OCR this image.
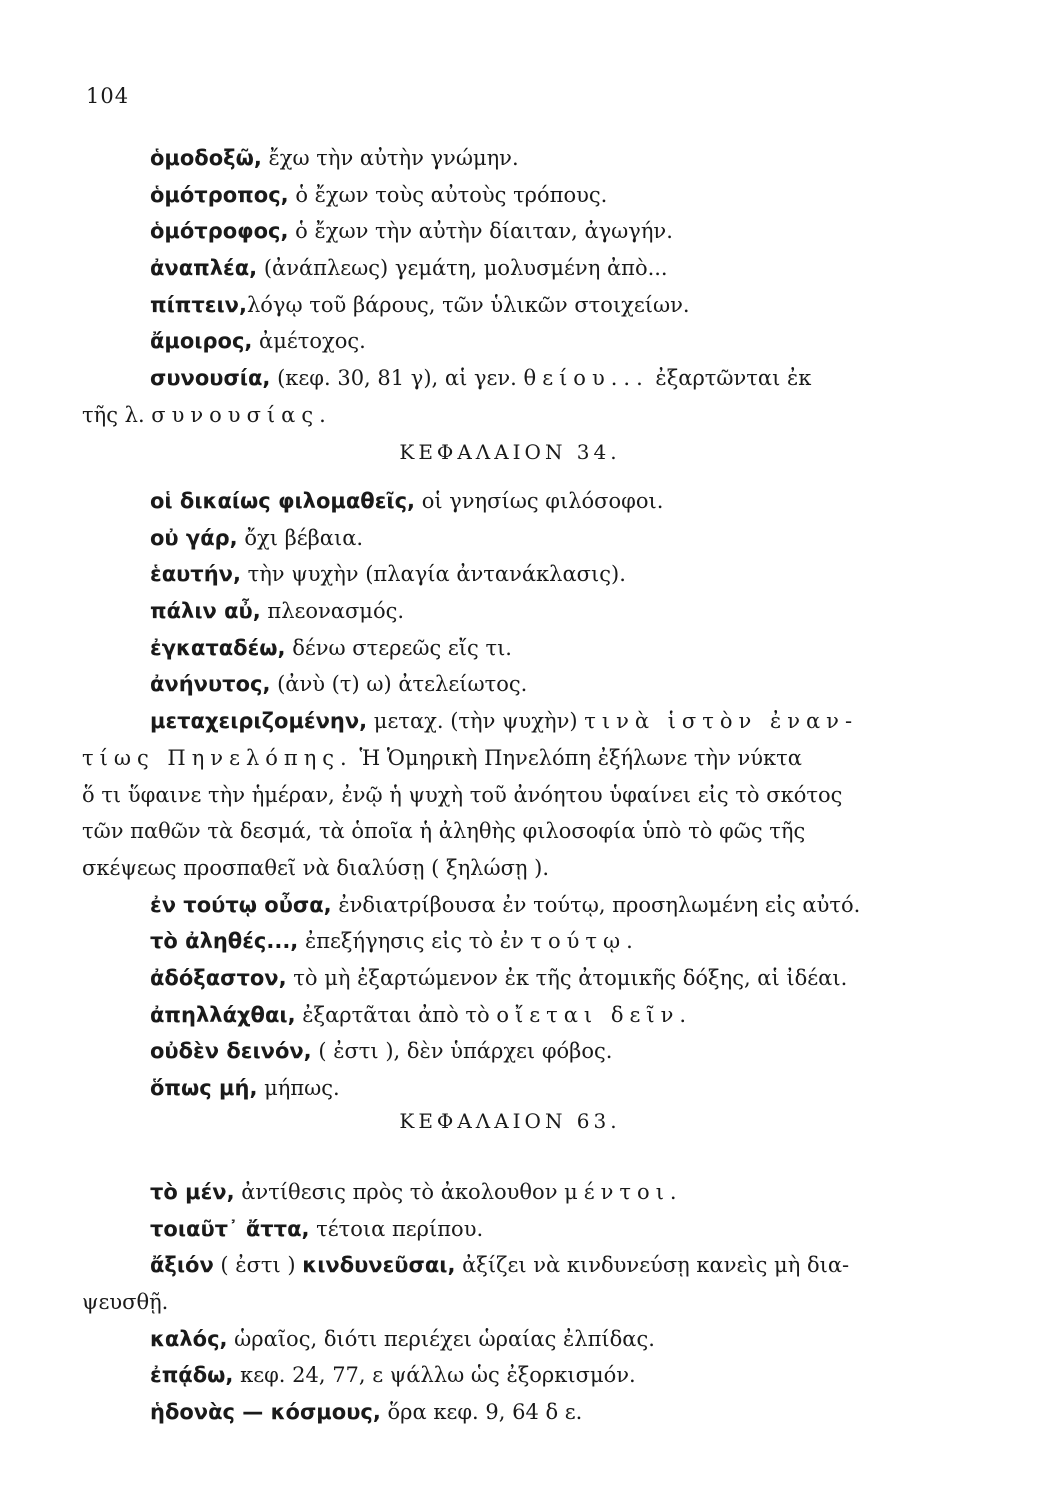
104
ὁμοδοξῶ, ἔχω τὴν αὐτὴν γνώμην.
ὁμότροπος, ὁ ἔχων τοὺς αὐτοὺς τρόπους.
ὁμότροφος, ὁ ἔχων τὴν αὐτὴν δίαιταν, ἀγωγήν.
ἀναπλέα, (ἀνάπλεως) γεμάτη, μολυσμένη ἀπὸ...
πίπτειν,λόγῳ τοῦ βάρους, τῶν ὑλικῶν στοιχείων.
ἄμοιρος, ἀμέτοχος.
συνουσία, (κεφ. 30, 81 γ), αἱ γεν. θείου... ἐξαρτῶνται ἐκ
τῆς λ. συνουσίας.
ΚΕΦΑΛΑΙΟΝ 34.
οἱ δικαίως φιλομαθεῖς, οἱ γνησίως φιλόσοφοι.
οὐ γάρ, ὄχι βέβαια.
ἑαυτήν, τὴν ψυχὴν (πλαγία ἀντανάκλασις).
πάλιν αὖ, πλεονασμός.
ἐγκαταδέω, δένω στερεῶς εἴς τι.
ἀνήνυτος, (ἀνὺ (τ) ω) ἀτελείωτος.
μεταχειριζομένην, μεταχ. (τὴν ψυχὴν) τινὰ ἱστὸν ἐναν-
τίως Πηνελόπης. Ἡ Ὁμηρικὴ Πηνελόπη ἐξήλωνε τὴν νύκτα
ὅ τι ὕφαινε τὴν ἡμέραν, ἐνῷ ἡ ψυχὴ τοῦ ἀνόητου ὑφαίνει εἰς τὸ σκότος
τῶν παθῶν τὰ δεσμά, τὰ ὁποῖα ἡ ἀληθὴς φιλοσοφία ὑπὸ τὸ φῶς τῆς
σκέψεως προσπαθεῖ νὰ διαλύσῃ ( ξηλώσῃ ).
ἐν τούτῳ οὖσα, ἐνδιατρίβουσα ἐν τούτῳ, προσηλωμένη εἰς αὐτό.
τὸ ἀληθές..., ἐπεξήγησις εἰς τὸ ἐν τούτῳ.
ἀδόξαστον, τὸ μὴ ἐξαρτώμενον ἐκ τῆς ἀτομικῆς δόξης, αἱ ἰδέαι.
ἀπηλλάχθαι, ἐξαρτᾶται ἀπὸ τὸ οἴεται δεῖν.
οὐδὲν δεινόν, ( ἐστι ), δὲν ὑπάρχει φόβος.
ὅπως μή, μήπως.
ΚΕΦΑΛΑΙΟΝ 63.
τὸ μέν, ἀντίθεσις πρὸς τὸ ἀκολουθον μέντοι.
τοιαῦτ᾽ ἄττα, τέτοια περίπου.
ἄξιόν ( ἐστι ) κινδυνεῦσαι, ἀξίζει νὰ κινδυνεύσῃ κανεὶς μὴ δια-
ψευσθῇ.
καλός, ὡραῖος, διότι περιέχει ὡραίας ἐλπίδας.
ἐπᾴδω, κεφ. 24, 77, ε ψάλλω ὡς ἐξορκισμόν.
ἡδονὰς — κόσμους, ὅρα κεφ. 9, 64 δ ε.
